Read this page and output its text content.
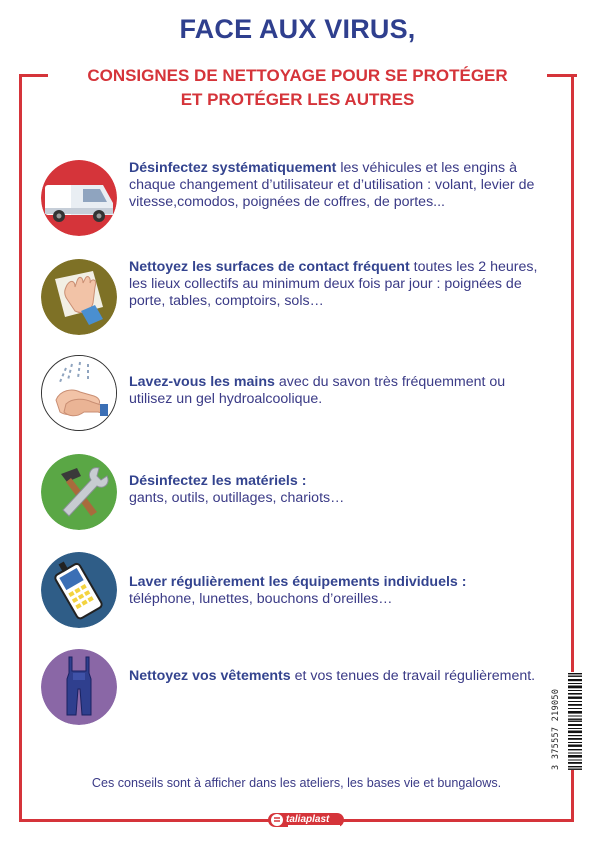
FACE AUX VIRUS,
CONSIGNES DE NETTOYAGE POUR SE PROTÉGER
ET PROTÉGER LES AUTRES
Désinfectez systématiquement les véhicules et les engins à chaque changement d’utilisateur et d’utilisation : volant, levier de vitesse,comodos, poignées de coffres, de portes...
Nettoyez les surfaces de contact fréquent toutes les 2 heures, les lieux collectifs au minimum deux fois par jour : poignées de porte, tables, comptoirs, sols…
Lavez-vous les mains avec du savon très fréquemment ou utilisez un gel hydroalcoolique.
Désinfectez les matériels :
gants, outils, outillages, chariots…
Laver régulièrement les équipements individuels :
téléphone, lunettes, bouchons d’oreilles…
Nettoyez vos vêtements et vos tenues de travail régulièrement.
Ces conseils sont à afficher dans les ateliers, les bases vie et bungalows.
3 375557 219050
taliaplast
